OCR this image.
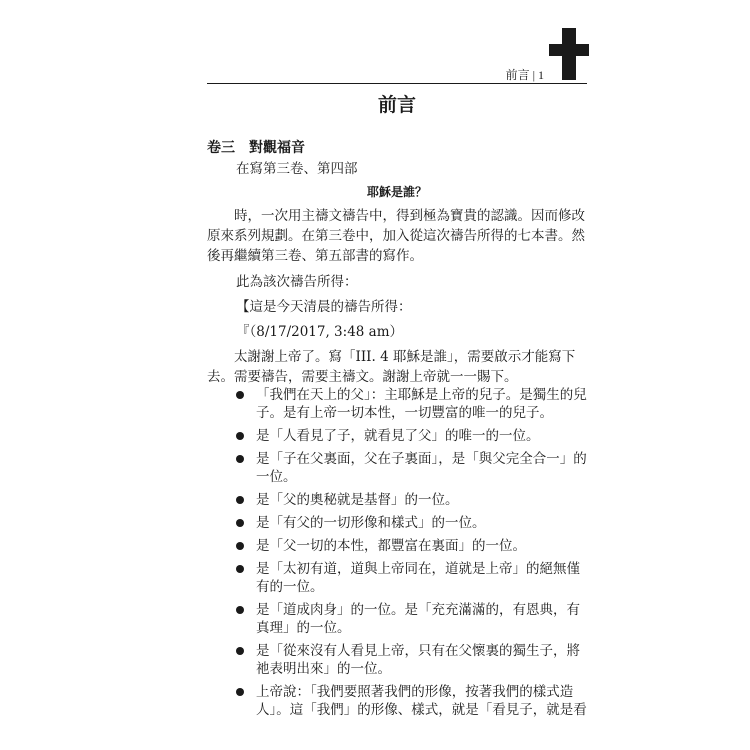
前言 | 1
前言
卷三　對觀福音
在寫第三卷、第四部
耶穌是誰？

時，一次用主禱文禱告中，得到極為寶貴的認識。因而修改原來系列規劃。在第三卷中，加入從這次禱告所得的七本書。然後再繼續第三卷、第五部書的寫作。

此為該次禱告所得：
【這是今天清晨的禱告所得：
『（8/17/2017, 3:48 am）

太謝謝上帝了。寫「III. 4 耶穌是誰」，需要啟示才能寫下去。需要禱告，需要主禱文。謝謝上帝就一一賜下。

「我們在天上的父」：主耶穌是上帝的兒子。是獨生的兒子。是有上帝一切本性，一切豐富的唯一的兒子。
是「人看見了子，就看見了父」的唯一的一位。
是「子在父裏面，父在子裏面」，是「與父完全合一」的一位。
是「父的奧秘就是基督」的一位。
是「有父的一切形像和樣式」的一位。
是「父一切的本性，都豐富在裏面」的一位。
是「太初有道，道與上帝同在，道就是上帝」的絕無僅有的一位。
是「道成肉身」的一位。是「充充滿滿的，有恩典，有真理」的一位。
是「從來沒有人看見上帝，只有在父懷裏的獨生子，將祂表明出來」的一位。
上帝說：「我們要照著我們的形像，按著我們的樣式造人」。這「我們」的形像、樣式，就是「看見子，就是看
